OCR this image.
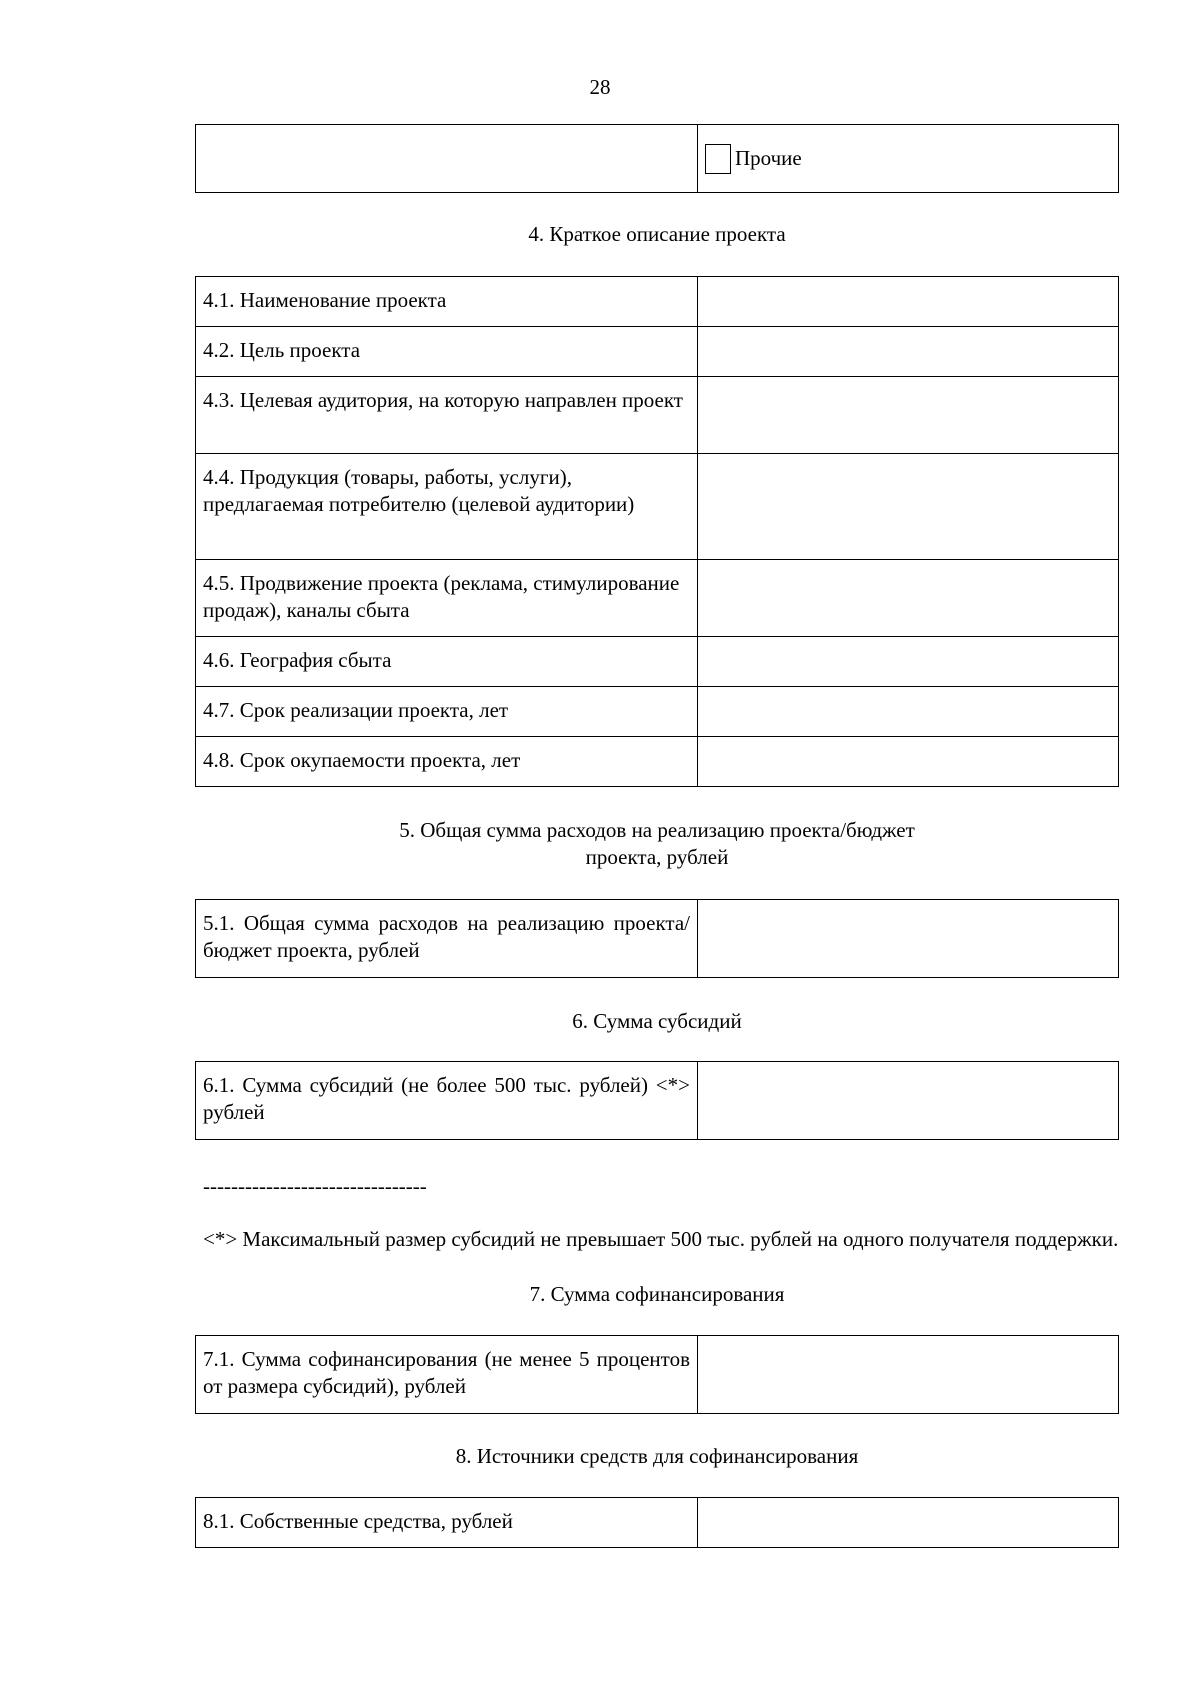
28

Прочие
4. Краткое описание проекта
4.1. Наименование проекта	
4.2. Цель проекта	
4.3. Целевая аудитория, на которую направлен проект	
4.4. Продукция (товары, работы, услуги), предлагаемая потребителю (целевой аудитории)	
4.5. Продвижение проекта (реклама, стимулирование продаж), каналы сбыта	
4.6. География сбыта	
4.7. Срок реализации проекта, лет	
4.8. Срок окупаемости проекта, лет	
5. Общая сумма расходов на реализацию проекта/бюджет
проекта, рублей
5.1. Общая сумма расходов на реализацию проекта/бюджет проекта, рублей	
6. Сумма субсидий
6.1. Сумма субсидий (не более 500 тыс. рублей) <*> рублей	
--------------------------------
<*> Максимальный размер субсидий не превышает 500 тыс. рублей на одного получателя поддержки.
7. Сумма софинансирования
7.1. Сумма софинансирования (не менее 5 процентов от размера субсидий), рублей	
8. Источники средств для софинансирования
8.1. Собственные средства, рублей	
